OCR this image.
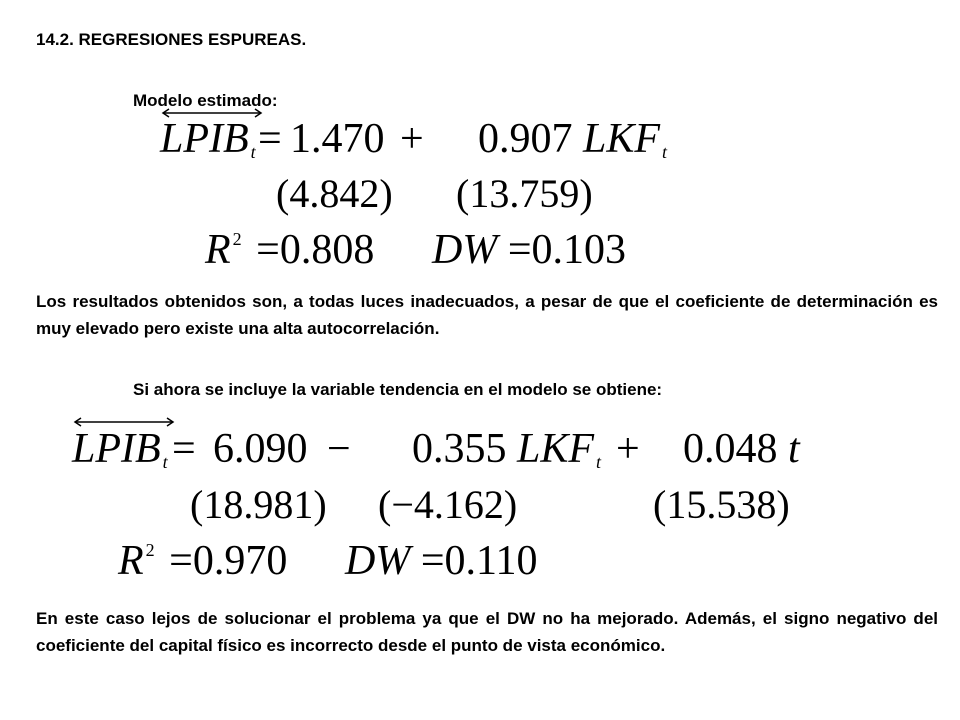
14.2. REGRESIONES ESPUREAS.
Modelo estimado:
LPIB $_t$ = 1.470 + 0.907 LKF $_t$
(4.842) (13.759)
R $^2$ =0.808 DW =0.103
Los resultados obtenidos son, a todas luces inadecuados, a pesar de que el coeficiente de determinación es muy elevado pero existe una alta autocorrelación.
Si ahora se incluye la variable tendencia en el modelo se obtiene:
LPIB $_t$ = 6.090 − 0.355 LKF $_t$ + 0.048 t
(18.981) (−4.162)	(15.538)
R $^2$ =0.970 DW =0.110
En este caso lejos de solucionar el problema ya que el DW no ha mejorado. Además, el signo negativo del coeficiente del capital físico es incorrecto desde el punto de vista económico.
